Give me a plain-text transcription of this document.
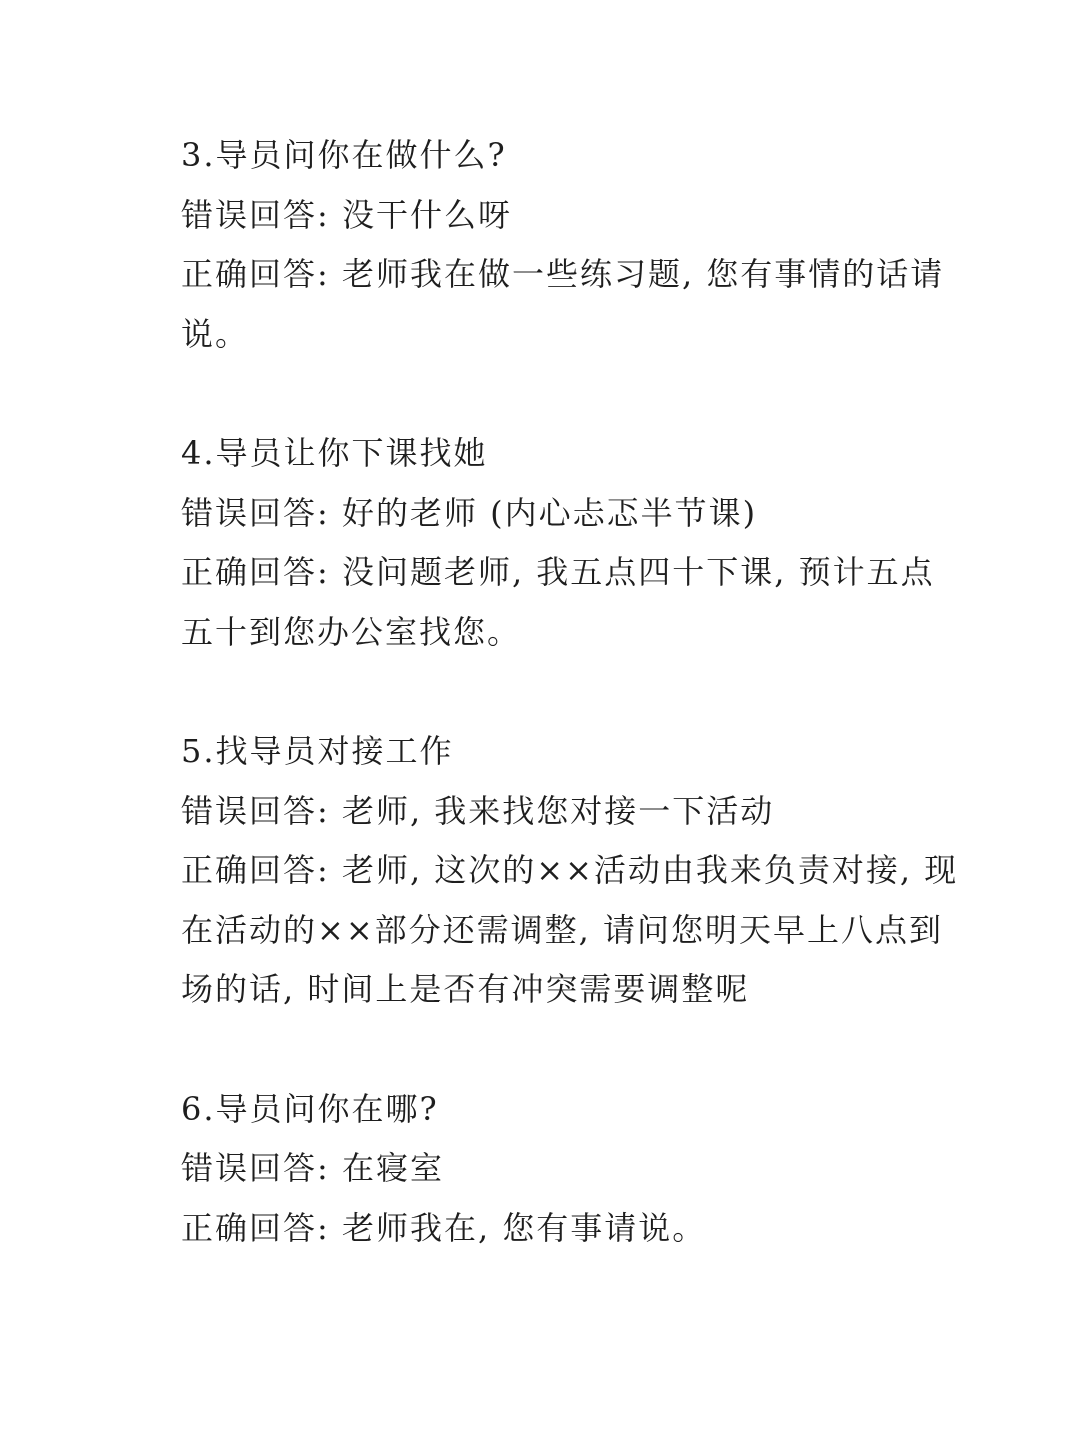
3.导员问你在做什么?

错误回答: 没干什么呀

正确回答: 老师我在做一些练习题, 您有事情的话请说。

4.导员让你下课找她

错误回答: 好的老师 (内心忐忑半节课)

正确回答: 没问题老师, 我五点四十下课, 预计五点五十到您办公室找您。

5.找导员对接工作

错误回答: 老师, 我来找您对接一下活动

正确回答: 老师, 这次的××活动由我来负责对接, 现在活动的××部分还需调整, 请问您明天早上八点到场的话, 时间上是否有冲突需要调整呢

6.导员问你在哪?

错误回答: 在寝室

正确回答: 老师我在, 您有事请说。
